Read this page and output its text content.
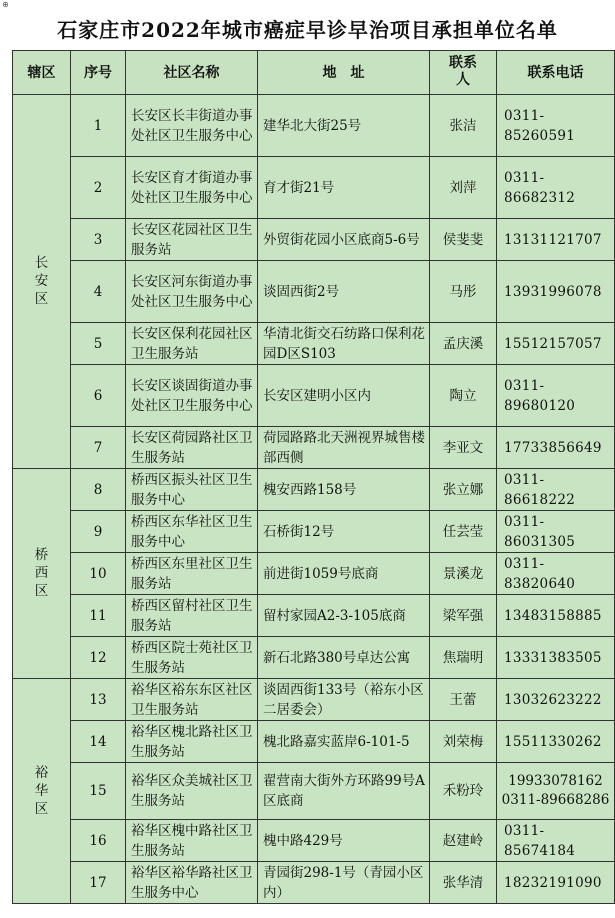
⊕
石家庄市2022年城市癌症早诊早治项目承担单位名单
辖区	序号	社区名称	地　址	联系人	联系电话
长安区	1	长安区长丰街道办事处社区卫生服务中心	建华北大街25号	张洁	0311-85260591
	2	长安区育才街道办事处社区卫生服务中心	育才街21号	刘萍	0311-86682312
	3	长安区花园社区卫生服务站	外贸街花园小区底商5-6号	侯斐斐	13131121707
	4	长安区河东街道办事处社区卫生服务中心	谈固西街2号	马彤	13931996078
	5	长安区保利花园社区卫生服务站	华清北街交石纺路口保利花园D区S103	孟庆溪	15512157057
	6	长安区谈固街道办事处社区卫生服务中心	长安区建明小区内	陶立	0311-89680120
	7	长安区荷园路社区卫生服务站	荷园路路北天洲视界城售楼部西侧	李亚文	17733856649
桥西区	8	桥西区振头社区卫生服务中心	槐安西路158号	张立娜	0311-86618222
	9	桥西区东华社区卫生服务中心	石桥街12号	任芸莹	0311-86031305
	10	桥西区东里社区卫生服务站	前进街1059号底商	景溪龙	0311-83820640
	11	桥西区留村社区卫生服务站	留村家园A2-3-105底商	梁军强	13483158885
	12	桥西区院士苑社区卫生服务站	新石北路380号卓达公寓	焦瑞明	13331383505
裕华区	13	裕华区裕东东区社区卫生服务站	谈固西街133号（裕东小区二居委会）	王蕾	13032623222
	14	裕华区槐北路社区卫生服务站	槐北路嘉实蓝岸6-101-5	刘荣梅	15511330262
	15	裕华区众美城社区卫生服务站	翟营南大街外方环路99号A区底商	禾粉玲	19933078162
0311-89668286

	16	裕华区槐中路社区卫生服务站	槐中路429号	赵建岭	0311-85674184
	17	裕华区裕华路社区卫生服务中心	青园街298-1号（青园小区内）	张华清	18232191090
